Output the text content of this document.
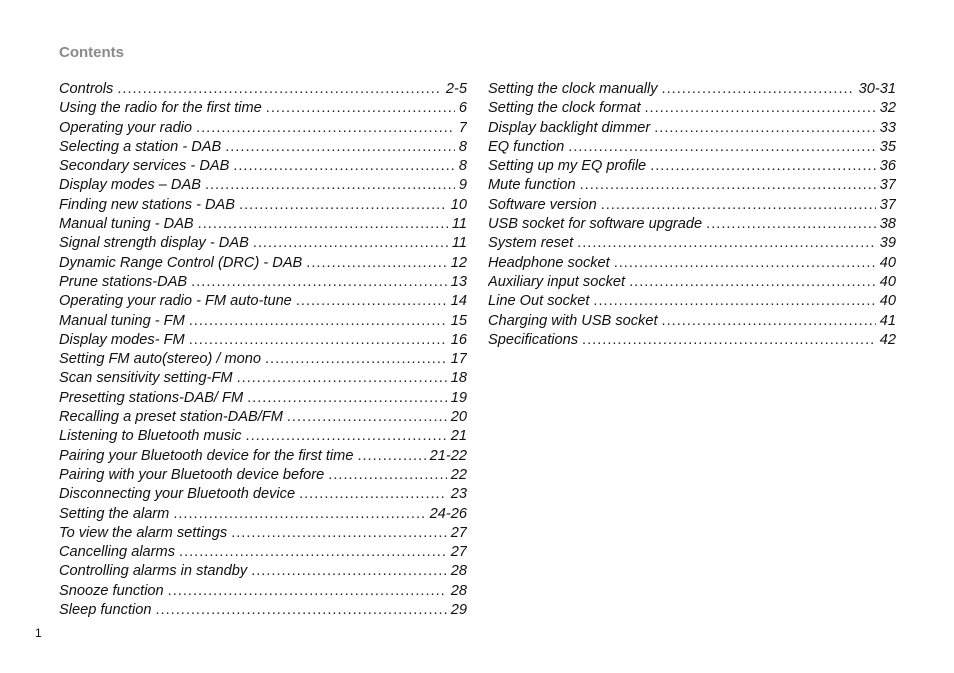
Contents
Controls .....	2-5
Using the radio for the first time .....	6
Operating your radio .....	7
Selecting a station - DAB .....	8
Secondary services - DAB .....	8
Display modes – DAB .....	9
Finding new stations - DAB .....	10
Manual tuning - DAB .....	11
Signal strength display - DAB .....	11
Dynamic Range Control (DRC) - DAB .....	12
Prune stations-DAB .....	13
Operating your radio - FM auto-tune .....	14
Manual tuning - FM .....	15
Display modes- FM .....	16
Setting FM auto(stereo) / mono .....	17
Scan sensitivity setting-FM .....	18
Presetting stations-DAB/ FM .....	19
Recalling a preset station-DAB/FM .....	20
Listening to Bluetooth music .....	21
Pairing your Bluetooth device for the first time .....	21-22
Pairing with your Bluetooth device before .....	22
Disconnecting your Bluetooth device .....	23
Setting the alarm .....	24-26
To view the alarm settings .....	27
Cancelling alarms .....	27
Controlling alarms in standby .....	28
Snooze function .....	28
Sleep function .....	29
Setting the clock manually .....	30-31
Setting the clock format .....	32
Display backlight dimmer .....	33
EQ function .....	35
Setting up my EQ profile .....	36
Mute function .....	37
Software version .....	37
USB socket for software upgrade .....	38
System reset .....	39
Headphone socket .....	40
Auxiliary input socket .....	40
Line Out socket .....	40
Charging with USB socket .....	41
Specifications .....	42
1
